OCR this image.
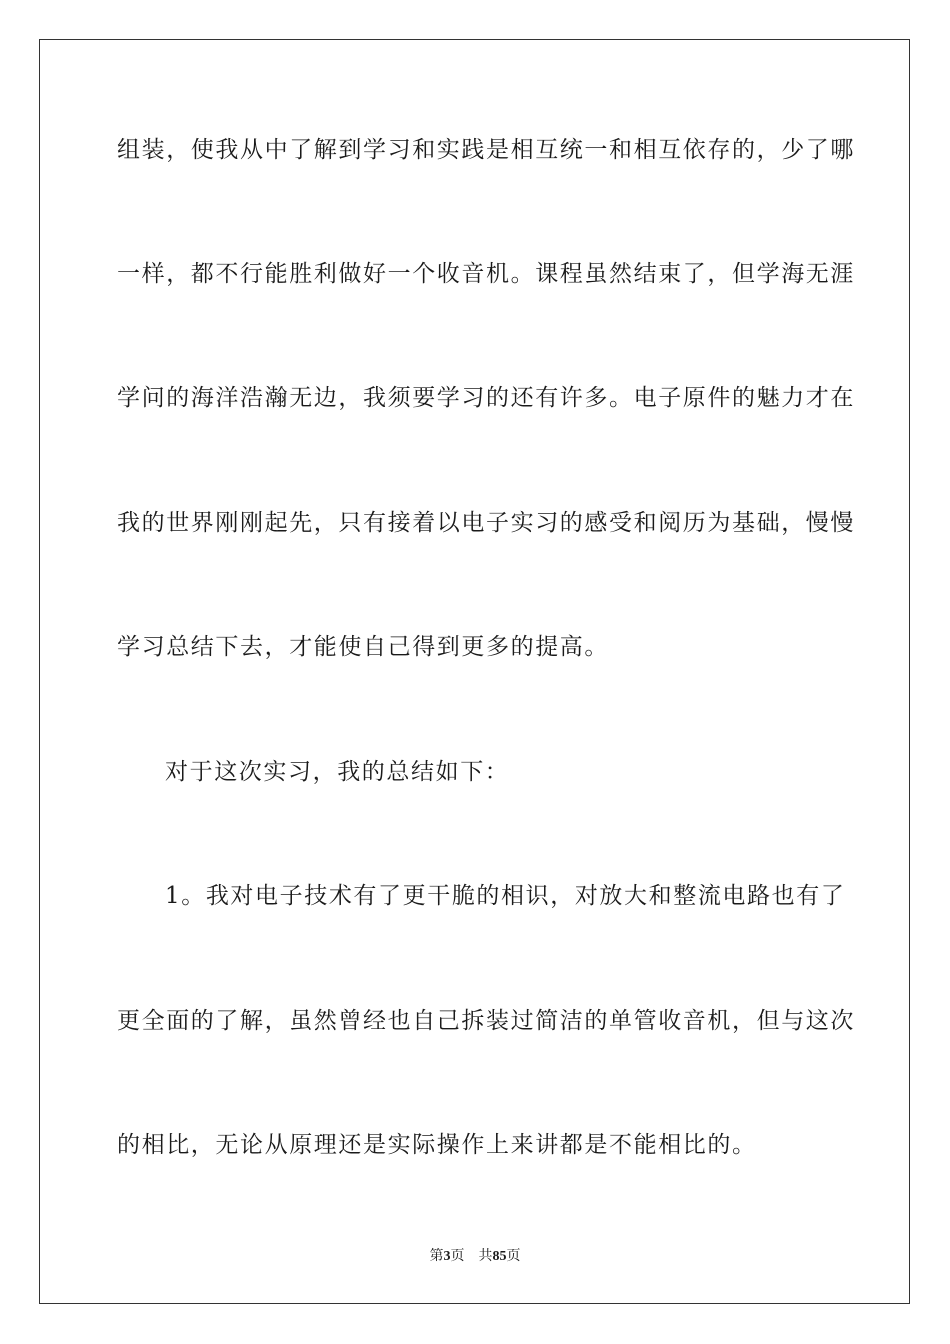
组装，使我从中了解到学习和实践是相互统一和相互依存的，少了哪
一样，都不行能胜利做好一个收音机。课程虽然结束了，但学海无涯
学问的海洋浩瀚无边，我须要学习的还有许多。电子原件的魅力才在
我的世界刚刚起先，只有接着以电子实习的感受和阅历为基础，慢慢
学习总结下去，才能使自己得到更多的提高。
对于这次实习，我的总结如下：
1。我对电子技术有了更干脆的相识，对放大和整流电路也有了
更全面的了解，虽然曾经也自己拆装过简洁的单管收音机，但与这次
的相比，无论从原理还是实际操作上来讲都是不能相比的。
第3页 共85页
